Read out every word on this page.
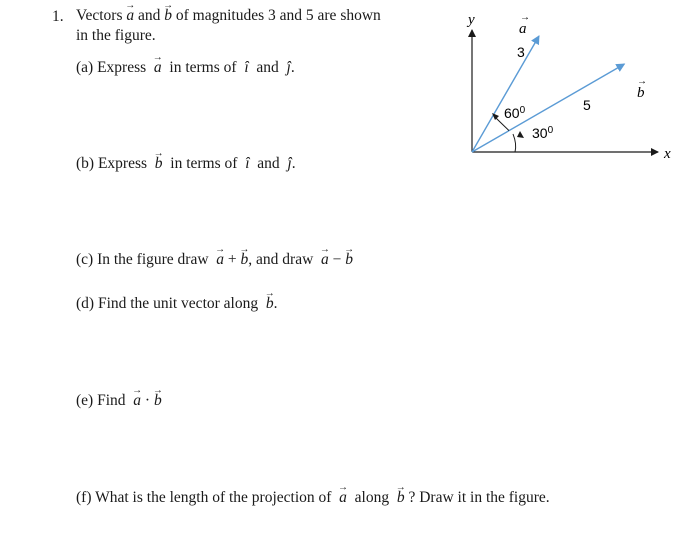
1. Vectors → a and → b of magnitudes 3 and 5 are shown
in the figure.
(a) Express → a in terms of î and ĵ.
(b) Express → b in terms of î and ĵ.
(c) In the figure draw → a + → b, and draw → a − → b
(d) Find the unit vector along → b.
(e) Find → a · → b
(f) What is the length of the projection of → a along → b ? Draw it in the figure.
y
x
a
→
b
→
3
5
$60^0$
$30^0$
